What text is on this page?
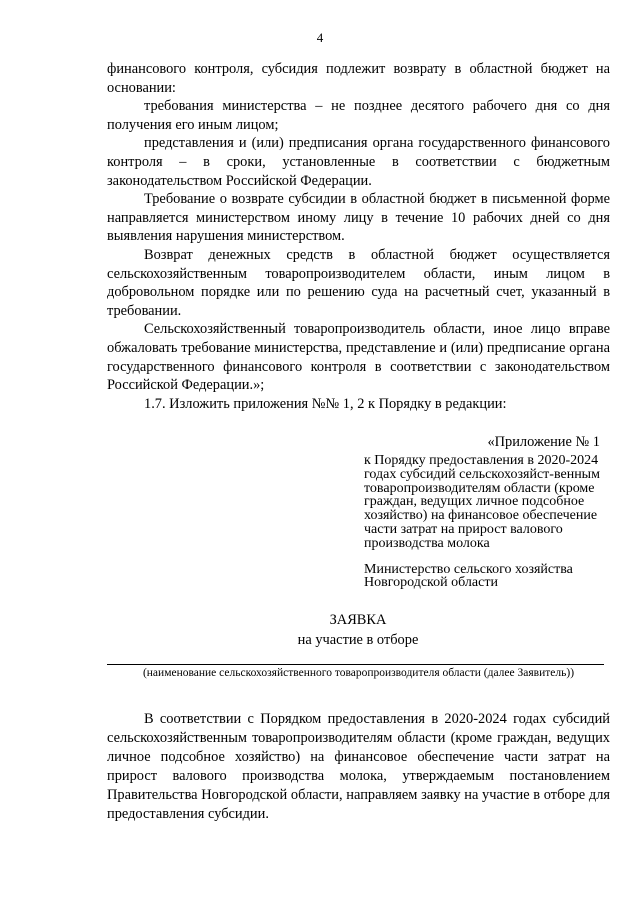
4

финансового контроля, субсидия подлежит возврату в областной бюджет на основании:

требования министерства – не позднее десятого рабочего дня со дня получения его иным лицом;

представления и (или) предписания органа государственного финансового контроля – в сроки, установленные в соответствии с бюджетным законодательством Российской Федерации.

Требование о возврате субсидии в областной бюджет в письменной форме направляется министерством иному лицу в течение 10 рабочих дней со дня выявления нарушения министерством.

Возврат денежных средств в областной бюджет осуществляется сельскохозяйственным товаропроизводителем области, иным лицом в добровольном порядке или по решению суда на расчетный счет, указанный в требовании.

Сельскохозяйственный товаропроизводитель области, иное лицо вправе обжаловать требование министерства, представление и (или) предписание органа государственного финансового контроля в соответствии с законодательством Российской Федерации.»;

1.7. Изложить приложения №№ 1, 2 к Порядку в редакции:

«Приложение № 1

к Порядку предоставления в 2020-2024 годах субсидий сельскохозяйст-венным товаропроизводителям области (кроме граждан, ведущих личное подсобное хозяйство) на финансовое обеспечение части затрат на прирост валового производства молока

Министерство сельского хозяйства Новгородской области

ЗАЯВКА
на участие в отборе
(наименование сельскохозяйственного товаропроизводителя области (далее Заявитель))

В соответствии с Порядком предоставления в 2020-2024 годах субсидий сельскохозяйственным товаропроизводителям области (кроме граждан, ведущих личное подсобное хозяйство) на финансовое обеспечение части затрат на прирост валового производства молока, утверждаемым постановлением Правительства Новгородской области, направляем заявку на участие в отборе для предоставления субсидии.
